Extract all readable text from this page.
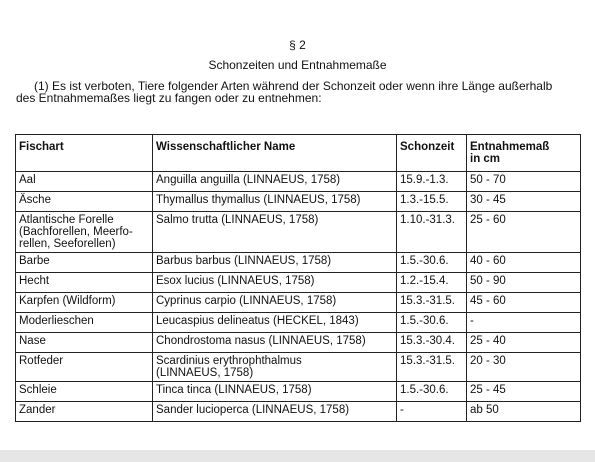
§ 2
Schonzeiten und Entnahmemaße
(1) Es ist verboten, Tiere folgender Arten während der Schonzeit oder wenn ihre Länge außerhalb
des Entnahmemaßes liegt zu fangen oder zu entnehmen:
Fischart	Wissenschaftlicher Name	Schonzeit	Entnahmemaß
in cm

Aal	Anguilla anguilla (LINNAEUS, 1758)	15.9.-1.3.	50 - 70

Äsche	Thymallus thymallus (LINNAEUS, 1758)	1.3.-15.5.	30 - 45

Atlantische Forelle
(Bachforellen, Meerfo-
rellen, Seeforellen)	Salmo trutta (LINNAEUS, 1758)	1.10.-31.3.	25 - 60

Barbe	Barbus barbus (LINNAEUS, 1758)	1.5.-30.6.	40 - 60

Hecht	Esox lucius (LINNAEUS, 1758)	1.2.-15.4.	50 - 90

Karpfen (Wildform)	Cyprinus carpio (LINNAEUS, 1758)	15.3.-31.5.	45 - 60

Moderlieschen	Leucaspius delineatus (HECKEL, 1843)	1.5.-30.6.	-

Nase	Chondrostoma nasus (LINNAEUS, 1758)	15.3.-30.4.	25 - 40

Rotfeder	Scardinius erythrophthalmus
(LINNAEUS, 1758)	15.3.-31.5.	20 - 30

Schleie	Tinca tinca (LINNAEUS, 1758)	1.5.-30.6.	25 - 45

Zander	Sander lucioperca (LINNAEUS, 1758)	-	ab 50
